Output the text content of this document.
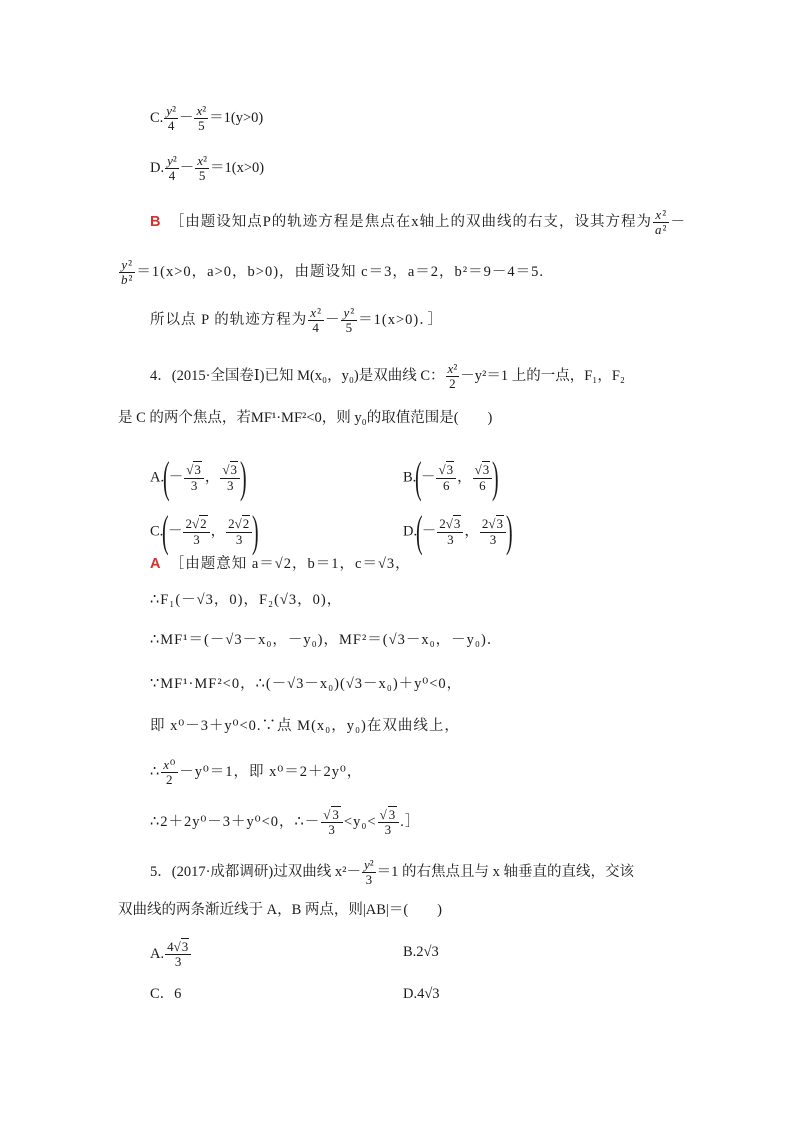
C. $\frac{\text{y²}}{4} - \frac{\text{x²}}{5} =1(y>0)$
D. $\frac{\text{y²}}{4} - \frac{\text{x²}}{5} =1(x>0)$
B　 ［由题设知点P的轨迹方程是焦点在x轴上的双曲线的右支，设其方程为 $\frac{\text{x²}}{\text{a²}}$ －
$\frac{\text{y²}}{\text{b²}} =1(x>0$，a>0，b>0)，由题设知 c＝3，a＝2，b²＝9－4＝5.
所以点 P 的轨迹方程为 $\frac{\text{x²}}{4} - \frac{\text{y²}}{5} =1(x>0)$．］
4．(2015·全国卷Ⅰ)已知 M(x₀，y₀)是双曲线 C： $\frac{\text{x²}}{2} -y^2=1$ 上的一点，F₁，F₂
是 C 的两个焦点，若MF¹·MF²<0，则 y₀的取值范围是(　　)
$A.(- \frac{√3}{3}$ ， $\frac{√3}{3}$ )	$B.(- \frac{√3}{6}$ ， $\frac{√3}{6}$ )
$C.(- \frac{2√2}{3}$ ， $\frac{2√2}{3}$ )	$D.(- \frac{2√3}{3}$ ， $\frac{2√3}{3}$ )
A　 ［由题意知 a＝√2，b＝1，c＝√3，
∴F₁(－√3，0)，F₂(√3，0)，
∴MF¹＝(－√3－x₀，－y₀)，MF²＝(√3－x₀，－y₀)．
∵MF¹·MF²<0，∴(－√3－x₀)(√3－x₀)＋y⁰<0，
即 x⁰－3＋y⁰<0.∵点 M(x₀，y₀)在双曲线上，
∴ $\frac{\text{x⁰}}{2} -y^0=1$，即 x⁰＝2＋2y⁰，
∴2＋2y⁰－3＋y⁰<0，∴－ $\frac{√3}{3} <y_0< \frac{√3}{3}$ .］
5．(2017·成都调研)过双曲线 $x^2- \frac{\text{y²}}{3} =1$ 的右焦点且与 x 轴垂直的直线，交该
双曲线的两条渐近线于 A，B 两点，则|AB|＝(　　)
A. $\frac{4√3}{3}$	B.2√3
C．6	D.4√3
